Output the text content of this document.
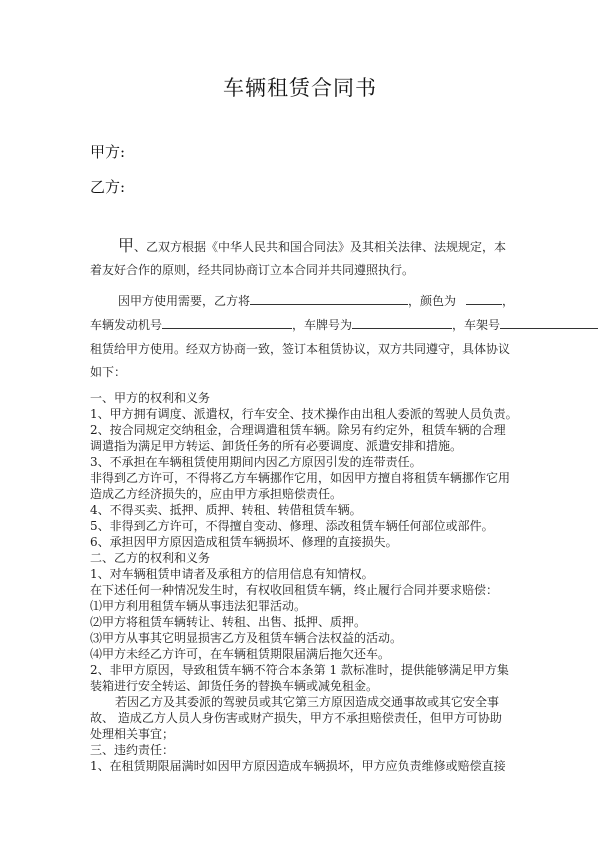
车辆租赁合同书
甲方:
乙方:
甲、乙双方根据《中华人民共和国合同法》及其相关法律、法规规定，本
着友好合作的原则，经共同协商订立本合同并共同遵照执行。
因甲方使用需要，乙方将	，颜色为	，
车辆发动机号	，车牌号为	，车架号
租赁给甲方使用。经双方协商一致，签订本租赁协议，双方共同遵守，具体协议
如下：
一、甲方的权利和义务
1、甲方拥有调度、派遣权，行车安全、技术操作由出租人委派的驾驶人员负责。
2、按合同规定交纳租金，合理调遣租赁车辆。除另有约定外，租赁车辆的合理
调遣指为满足甲方转运、卸货任务的所有必要调度、派遣安排和措施。
3、不承担在车辆租赁使用期间内因乙方原因引发的连带责任。
非得到乙方许可，不得将乙方车辆挪作它用，如因甲方擅自将租赁车辆挪作它用
造成乙方经济损失的，应由甲方承担赔偿责任。
4、不得买卖、抵押、质押、转租、转借租赁车辆。
5、非得到乙方许可，不得擅自变动、修理、添改租赁车辆任何部位或部件。
6、承担因甲方原因造成租赁车辆损坏、修理的直接损失。
二、乙方的权利和义务
1、对车辆租赁申请者及承租方的信用信息有知情权。
在下述任何一种情况发生时，有权收回租赁车辆，终止履行合同并要求赔偿：
⑴甲方利用租赁车辆从事违法犯罪活动。
⑵甲方将租赁车辆转让、转租、出售、抵押、质押。
⑶甲方从事其它明显损害乙方及租赁车辆合法权益的活动。
⑷甲方未经乙方许可，在车辆租赁期限届满后拖欠还车。
2、非甲方原因，导致租赁车辆不符合本条第 1 款标准时，提供能够满足甲方集
装箱进行安全转运、卸货任务的替换车辆或减免租金。
若因乙方及其委派的驾驶员或其它第三方原因造成交通事故或其它安全事
故、 造成乙方人员人身伤害或财产损失，甲方不承担赔偿责任，但甲方可协助
处理相关事宜；
三、违约责任：
1、在租赁期限届满时如因甲方原因造成车辆损坏，甲方应负责维修或赔偿直接
